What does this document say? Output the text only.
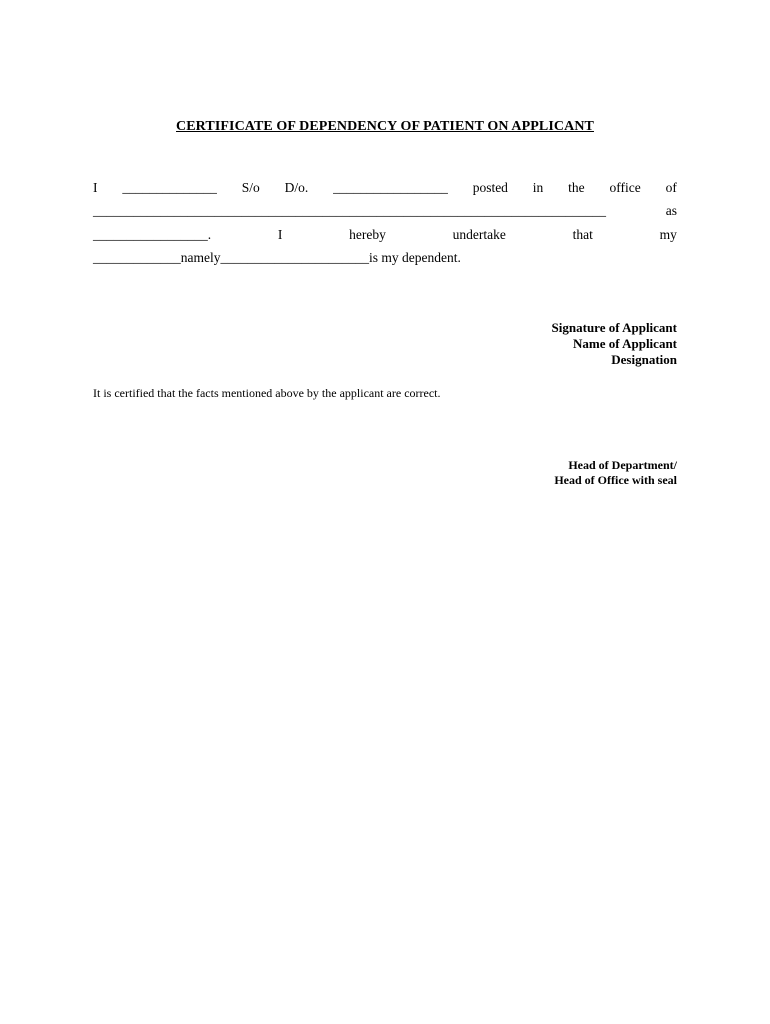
CERTIFICATE OF DEPENDENCY OF PATIENT ON APPLICANT
I ______________ S/o D/o. _________________ posted in the office of
____________________________________________________________________________	as
_________________.	I	hereby	undertake	that	my
_____________namely______________________is my dependent.
Signature of Applicant
Name of Applicant
Designation
It is certified that the facts mentioned above by the applicant are correct.
Head of Department/
Head of Office with seal
